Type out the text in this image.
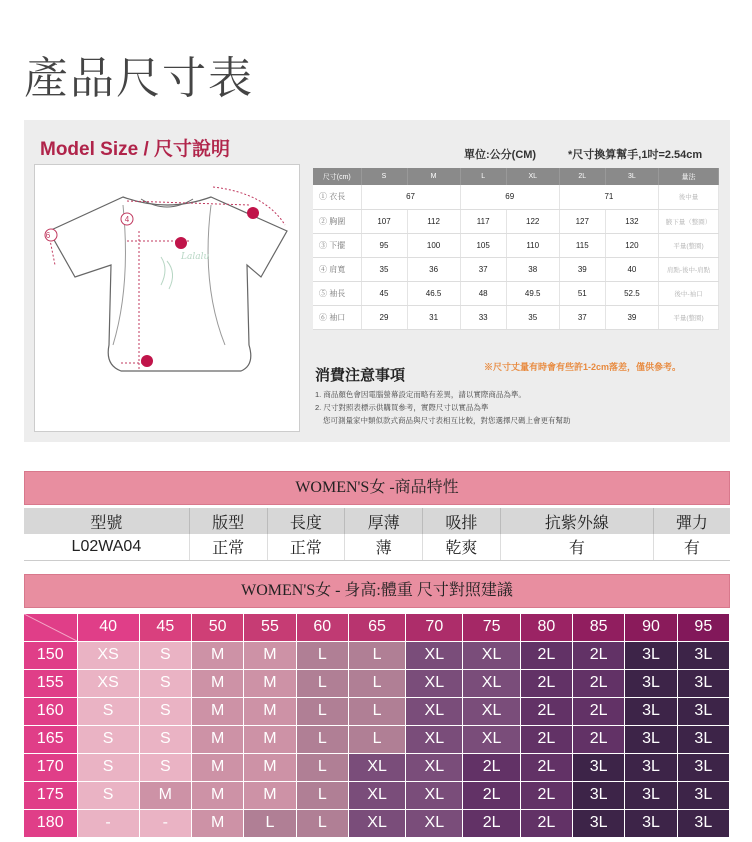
產品尺寸表
Model Size / 尺寸說明	單位:公分(CM)	*尺寸換算幫手,1吋=2.54cm
Lalalu
6
4
尺寸(cm)	S	M	L	XL	2L	3L	量法
① 衣長	67		69		71		後中量
② 胸圍	107	112	117	122	127	132	腋下量（整圈）
③ 下擺	95	100	105	110	115	120	平量(整圈)
④ 肩寬	35	36	37	38	39	40	肩點-後中-肩點
⑤ 袖長	45	46.5	48	49.5	51	52.5	後中-袖口
⑥ 袖口	29	31	33	35	37	39	平量(整圈)
消費注意事項	※尺寸丈量有時會有些許1-2cm落差，僅供參考。
1. 商品顏色會因電腦螢幕設定而略有差異，請以實際商品為準。
2. 尺寸對照表標示供購買參考，實際尺寸以實品為準
您可測量家中類似款式商品與尺寸表相互比較，對您選擇尺碼上會更有幫助
WOMEN'S女 -商品特性
型號	版型	長度	厚薄	吸排	抗紫外線	彈力
L02WA04	正常	正常	薄	乾爽	有	有
WOMEN'S女 - 身高:體重 尺寸對照建議
	40	45	50	55	60	65	70	75	80	85	90	95
150	XS	S	M	M	L	L	XL	XL	2L	2L	3L	3L
155	XS	S	M	M	L	L	XL	XL	2L	2L	3L	3L
160	S	S	M	M	L	L	XL	XL	2L	2L	3L	3L
165	S	S	M	M	L	L	XL	XL	2L	2L	3L	3L
170	S	S	M	M	L	XL	XL	2L	2L	3L	3L	3L
175	S	M	M	M	L	XL	XL	2L	2L	3L	3L	3L
180	-	-	M	L	L	XL	XL	2L	2L	3L	3L	3L
